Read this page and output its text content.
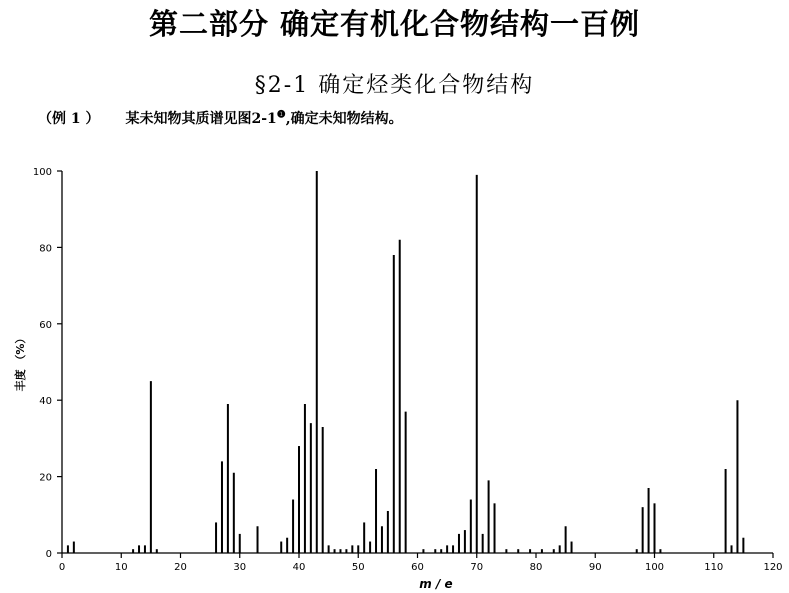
第二部分 确定有机化合物结构一百例
§2-1 确定烃类化合物结构
（例 1 ） 某未知物其质谱见图2-1$^❶$,确定未知物结构。
0
20
40
60
80
100
0	10	20	30	40	50	60	70	80	90	100	110	120
丰度 （%）
m / e
